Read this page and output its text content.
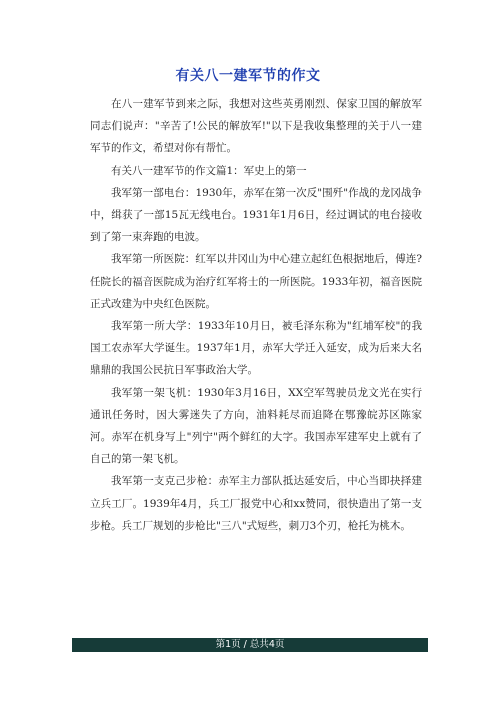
有关八一建军节的作文

在八一建军节到来之际，我想对这些英勇刚烈、保家卫国的解放军同志们说声："辛苦了!公民的解放军!"以下是我收集整理的关于八一建军节的作文，希望对你有帮忙。

有关八一建军节的作文篇1：军史上的第一

我军第一部电台：1930年，赤军在第一次反"围歼"作战的龙冈战争中，缉获了一部15瓦无线电台。1931年1月6日，经过调试的电台接收到了第一束奔跑的电波。

我军第一所医院：红军以井冈山为中心建立起红色根据地后，傅连?任院长的福音医院成为治疗红军将士的一所医院。1933年初，福音医院正式改建为中央红色医院。

我军第一所大学：1933年10月日，被毛泽东称为"红埔军校"的我国工农赤军大学诞生。1937年1月，赤军大学迁入延安，成为后来大名鼎鼎的我国公民抗日军事政治大学。

我军第一架飞机：1930年3月16日，XX空军驾驶员龙文光在实行通讯任务时，因大雾迷失了方向，油料耗尽而追降在鄂豫皖苏区陈家河。赤军在机身写上"列宁"两个鲜红的大字。我国赤军建军史上就有了自己的第一架飞机。

我军第一支克己步枪：赤军主力部队抵达延安后，中心当即抉择建立兵工厂。1939年4月，兵工厂报党中心和xx赞同，很快造出了第一支步枪。兵工厂规划的步枪比"三八"式短些，刺刀3个刃，枪托为桃木。

第1页 / 总共4页
